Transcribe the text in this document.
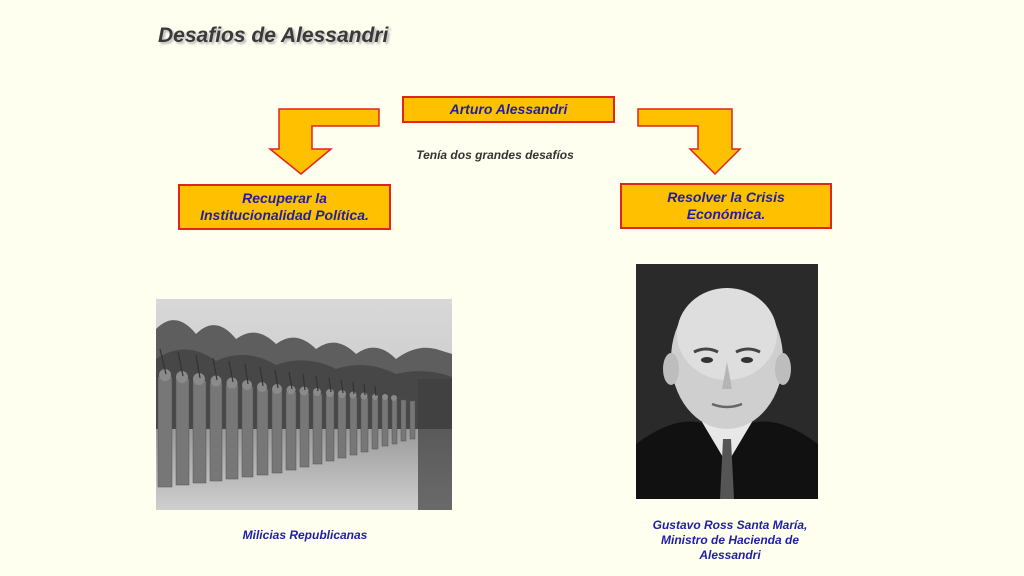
Desafios de Alessandri
Arturo Alessandri
Tenía dos grandes desafíos
Recuperar la
Institucionalidad Política.
Resolver la Crisis
Económica.
Milicias Republicanas
Gustavo Ross Santa María,
Ministro de Hacienda de
Alessandri
